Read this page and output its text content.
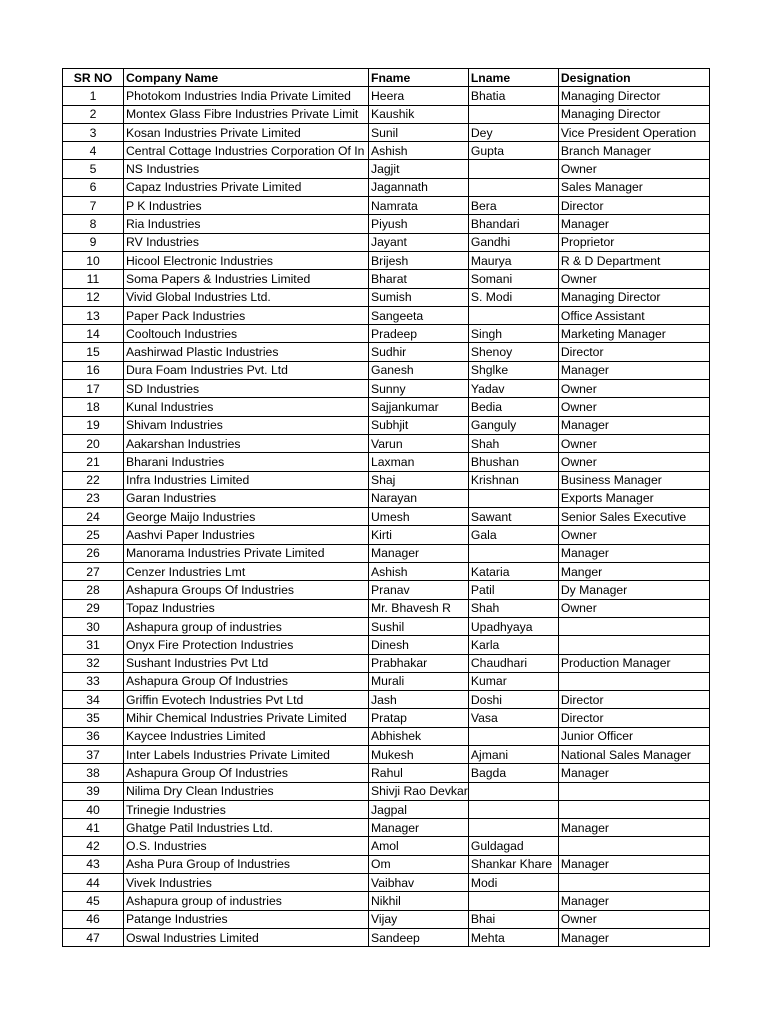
SR NO	Company Name	Fname	Lname	Designation
1	Photokom Industries India Private Limited	Heera	Bhatia	Managing Director
2	Montex Glass Fibre Industries Private Limit	Kaushik		Managing Director
3	Kosan Industries Private Limited	Sunil	Dey	Vice President Operation
4	Central Cottage Industries Corporation Of In	Ashish	Gupta	Branch Manager
5	NS Industries	Jagjit		Owner
6	Capaz Industries Private Limited	Jagannath		Sales Manager
7	P K Industries	Namrata	Bera	Director
8	Ria Industries	Piyush	Bhandari	Manager
9	RV Industries	Jayant	Gandhi	Proprietor
10	Hicool Electronic Industries	Brijesh	Maurya	R & D Department
11	Soma Papers & Industries Limited	Bharat	Somani	Owner
12	Vivid Global Industries Ltd.	Sumish	S. Modi	Managing Director
13	Paper Pack Industries	Sangeeta		Office Assistant
14	Cooltouch Industries	Pradeep	Singh	Marketing Manager
15	Aashirwad Plastic Industries	Sudhir	Shenoy	Director
16	Dura Foam Industries Pvt. Ltd	Ganesh	Shglke	Manager
17	SD Industries	Sunny	Yadav	Owner
18	Kunal Industries	Sajjankumar	Bedia	Owner
19	Shivam Industries	Subhjit	Ganguly	Manager
20	Aakarshan Industries	Varun	Shah	Owner
21	Bharani Industries	Laxman	Bhushan	Owner
22	Infra Industries Limited	Shaj	Krishnan	Business Manager
23	Garan Industries	Narayan		Exports Manager
24	George Maijo Industries	Umesh	Sawant	Senior Sales Executive
25	Aashvi Paper Industries	Kirti	Gala	Owner
26	Manorama Industries Private Limited	Manager		Manager
27	Cenzer Industries Lmt	Ashish	Kataria	Manger
28	Ashapura Groups Of Industries	Pranav	Patil	Dy Manager
29	Topaz Industries	Mr. Bhavesh R	Shah	Owner
30	Ashapura group of industries	Sushil	Upadhyaya	
31	Onyx Fire Protection Industries	Dinesh	Karla	
32	Sushant Industries Pvt Ltd	Prabhakar	Chaudhari	Production Manager
33	Ashapura Group Of Industries	Murali	Kumar	
34	Griffin Evotech Industries Pvt Ltd	Jash	Doshi	Director
35	Mihir Chemical Industries Private Limited	Pratap	Vasa	Director
36	Kaycee Industries Limited	Abhishek		Junior Officer
37	Inter Labels Industries Private Limited	Mukesh	Ajmani	National Sales Manager
38	Ashapura Group Of Industries	Rahul	Bagda	Manager
39	Nilima Dry Clean Industries	Shivji Rao Devkar		
40	Trinegie Industries	Jagpal		
41	Ghatge Patil Industries Ltd.	Manager		Manager
42	O.S. Industries	Amol	Guldagad	
43	Asha Pura Group of Industries	Om	Shankar Khare	Manager
44	Vivek Industries	Vaibhav	Modi	
45	Ashapura group of industries	Nikhil		Manager
46	Patange Industries	Vijay	Bhai	Owner
47	Oswal Industries Limited	Sandeep	Mehta	Manager
